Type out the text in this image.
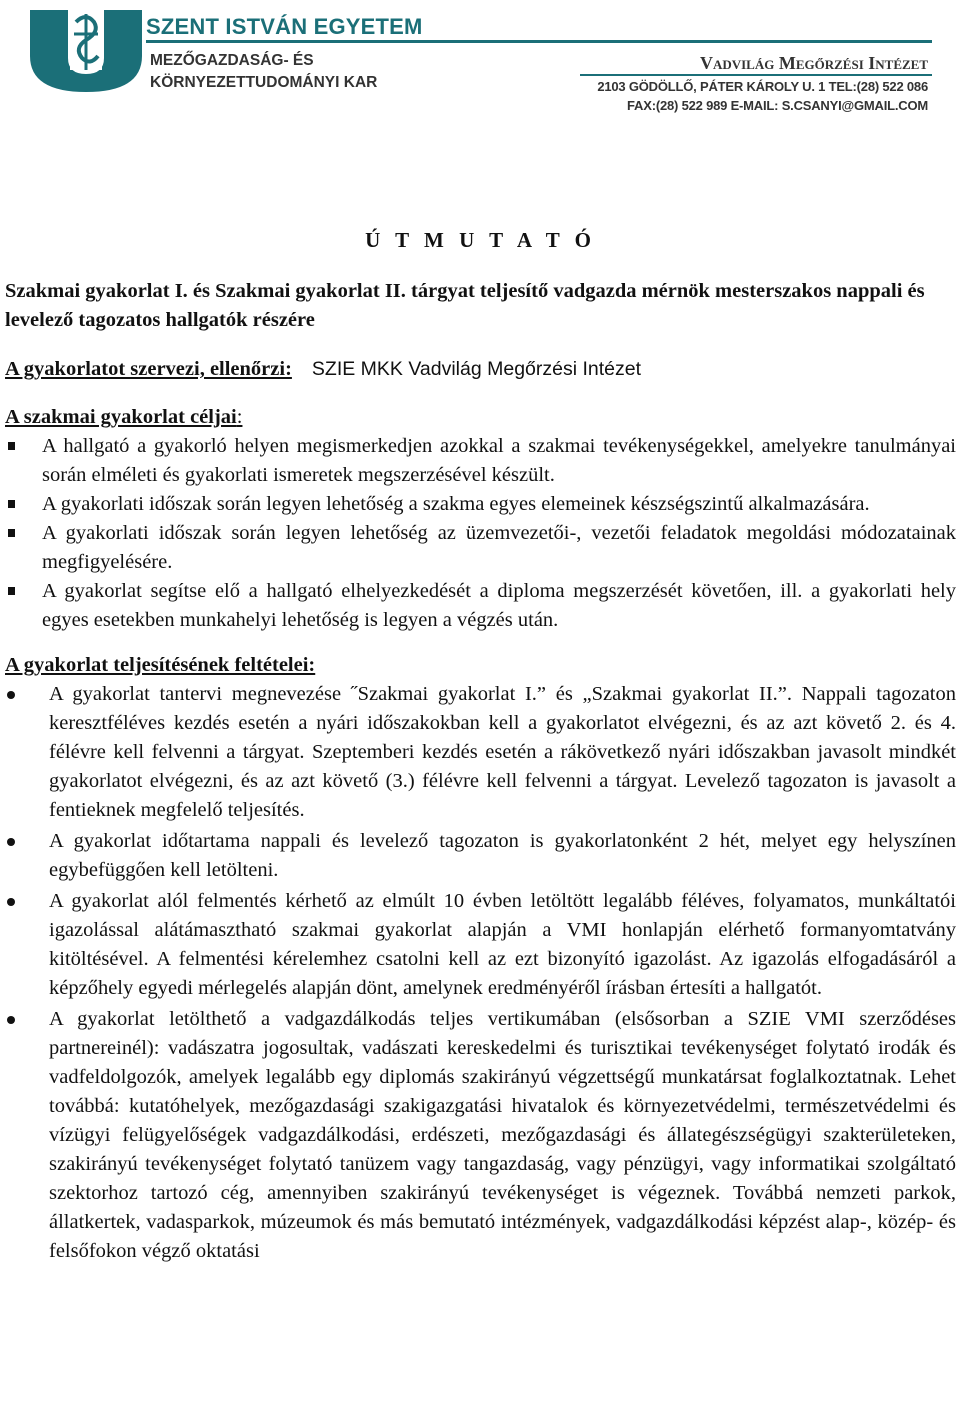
SZENT ISTVÁN EGYETEM
MEZŐGAZDASÁG- ÉS
KÖRNYEZETTUDOMÁNYI KAR
Vadvilág Megőrzési Intézet
2103 GÖDÖLLŐ, PÁTER KÁROLY U. 1 TEL:(28) 522 086
FAX:(28) 522 989 E-MAIL: S.CSANYI@GMAIL.COM
Ú T M U T A T Ó
Szakmai gyakorlat I. és Szakmai gyakorlat II. tárgyat teljesítő vadgazda mérnök mesterszakos nappali és levelező tagozatos hallgatók részére
A gyakorlatot szervezi, ellenőrzi: SZIE MKK Vadvilág Megőrzési Intézet
A szakmai gyakorlat céljai:
A hallgató a gyakorló helyen megismerkedjen azokkal a szakmai tevékenységekkel, amelyekre tanulmányai során elméleti és gyakorlati ismeretek megszerzésével készült.
A gyakorlati időszak során legyen lehetőség a szakma egyes elemeinek készségszintű alkalmazására.
A gyakorlati időszak során legyen lehetőség az üzemvezetői-, vezetői feladatok megoldási módozatainak megfigyelésére.
A gyakorlat segítse elő a hallgató elhelyezkedését a diploma megszerzését követően, ill. a gyakorlati hely egyes esetekben munkahelyi lehetőség is legyen a végzés után.
A gyakorlat teljesítésének feltételei:
A gyakorlat tantervi megnevezése ˝Szakmai gyakorlat I.” és „Szakmai gyakorlat II.”. Nappali tagozaton keresztféléves kezdés esetén a nyári időszakokban kell a gyakorlatot elvégezni, és az azt követő 2. és 4. félévre kell felvenni a tárgyat. Szeptemberi kezdés esetén a rákövetkező nyári időszakban javasolt mindkét gyakorlatot elvégezni, és az azt követő (3.) félévre kell felvenni a tárgyat. Levelező tagozaton is javasolt a fentieknek megfelelő teljesítés.
A gyakorlat időtartama nappali és levelező tagozaton is gyakorlatonként 2 hét, melyet egy helyszínen egybefüggően kell letölteni.
A gyakorlat alól felmentés kérhető az elmúlt 10 évben letöltött legalább féléves, folyamatos, munkáltatói igazolással alátámasztható szakmai gyakorlat alapján a VMI honlapján elérhető formanyomtatvány kitöltésével. A felmentési kérelemhez csatolni kell az ezt bizonyító igazolást. Az igazolás elfogadásáról a képzőhely egyedi mérlegelés alapján dönt, amelynek eredményéről írásban értesíti a hallgatót.
A gyakorlat letölthető a vadgazdálkodás teljes vertikumában (elsősorban a SZIE VMI szerződéses partnereinél): vadászatra jogosultak, vadászati kereskedelmi és turisztikai tevékenységet folytató irodák és vadfeldolgozók, amelyek legalább egy diplomás szakirányú végzettségű munkatársat foglalkoztatnak. Lehet továbbá: kutatóhelyek, mezőgazdasági szakigazgatási hivatalok és környezetvédelmi, természetvédelmi és vízügyi felügyelőségek vadgazdálkodási, erdészeti, mezőgazdasági és állategészségügyi szakterületeken, szakirányú tevékenységet folytató tanüzem vagy tangazdaság, vagy pénzügyi, vagy informatikai szolgáltató szektorhoz tartozó cég, amennyiben szakirányú tevékenységet is végeznek. Továbbá nemzeti parkok, állatkertek, vadasparkok, múzeumok és más bemutató intézmények, vadgazdálkodási képzést alap-, közép- és felsőfokon végző oktatási
